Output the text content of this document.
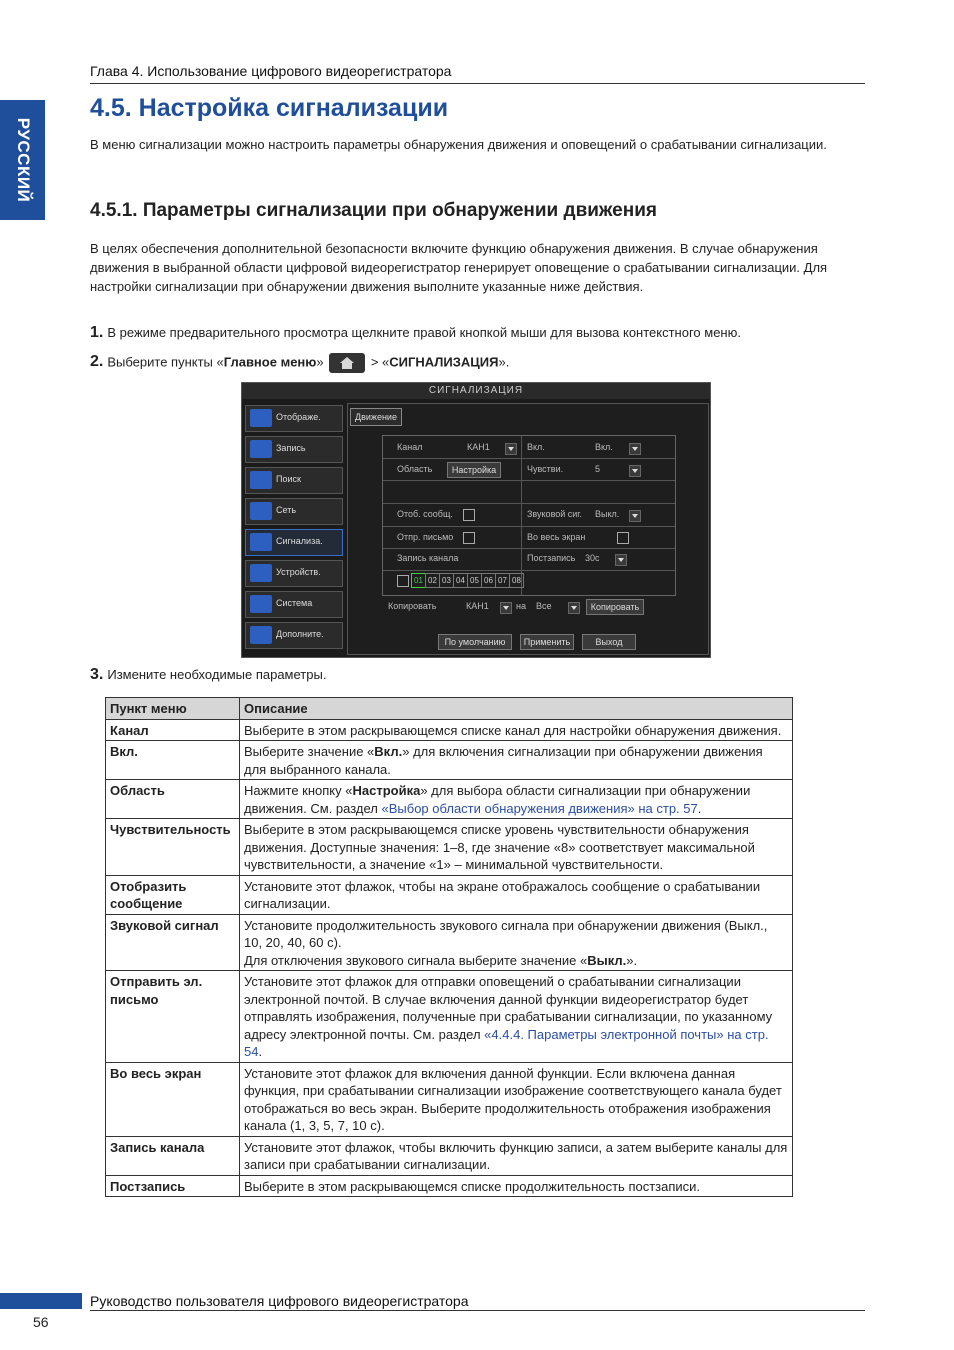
Глава 4. Использование цифрового видеорегистратора
РУССКИЙ
4.5. Настройка сигнализации

В меню сигнализации можно настроить параметры обнаружения движения и оповещений о срабатывании сигнализации.

4.5.1. Параметры сигнализации при обнаружении движения

В целях обеспечения дополнительной безопасности включите функцию обнаружения движения. В случае обнаружения движения в выбранной области цифровой видеорегистратор генерирует оповещение о срабатывании сигнализации. Для настройки сигнализации при обнаружении движения выполните указанные ниже действия.

1. В режиме предварительного просмотра щелкните правой кнопкой мыши для вызова контекстного меню.
2. Выберите пункты «Главное меню»	> «СИГНАЛИЗАЦИЯ».
СИГНАЛИЗАЦИЯ
Отображе.
Запись
Поиск
Сеть
Сигнализа.
Устройств.
Система
Дополните.
Движение
Канал	КАН1	Вкл.	Вкл.
Область	Настройка	Чувстви.	5
Отоб. сообщ.	Звуковой сиг. Выкл.
Отпр. письмо	Во весь экран
Запись канала	Постзапись 30с
01 02 03 04 05 06 07 08
Копировать	КАН1	на Все	Копировать
По умолчанию	Применить	Выход
3. Измените необходимые параметры.
Пункт меню	Описание
Канал	Выберите в этом раскрывающемся списке канал для настройки обнаружения движения.
Вкл.	Выберите значение «Вкл.» для включения сигнализации при обнаружении движения для выбранного канала.
Область	Нажмите кнопку «Настройка» для выбора области сигнализации при обнаружении движения. См. раздел «Выбор области обнаружения движения» на стр. 57.
Чувствительность	Выберите в этом раскрывающемся списке уровень чувствительности обнаружения движения. Доступные значения: 1–8, где значение «8» соответствует максимальной чувствительности, а значение «1» – минимальной чувствительности.
Отобразить сообщение	Установите этот флажок, чтобы на экране отображалось сообщение о срабатывании сигнализации.
Звуковой сигнал	Установите продолжительность звукового сигнала при обнаружении движения (Выкл., 10, 20, 40, 60 с).
Для отключения звукового сигнала выберите значение «Выкл.».
Отправить эл. письмо	Установите этот флажок для отправки оповещений о срабатывании сигнализации электронной почтой. В случае включения данной функции видеорегистратор будет отправлять изображения, полученные при срабатывании сигнализации, по указанному адресу электронной почты. См. раздел «4.4.4. Параметры электронной почты» на стр. 54.
Во весь экран	Установите этот флажок для включения данной функции. Если включена данная функция, при срабатывании сигнализации изображение соответствующего канала будет отображаться во весь экран. Выберите продолжительность отображения изображения канала (1, 3, 5, 7, 10 с).
Запись канала	Установите этот флажок, чтобы включить функцию записи, а затем выберите каналы для записи при срабатывании сигнализации.
Постзапись	Выберите в этом раскрывающемся списке продолжительность постзаписи.
Руководство пользователя цифрового видеорегистратора
56
